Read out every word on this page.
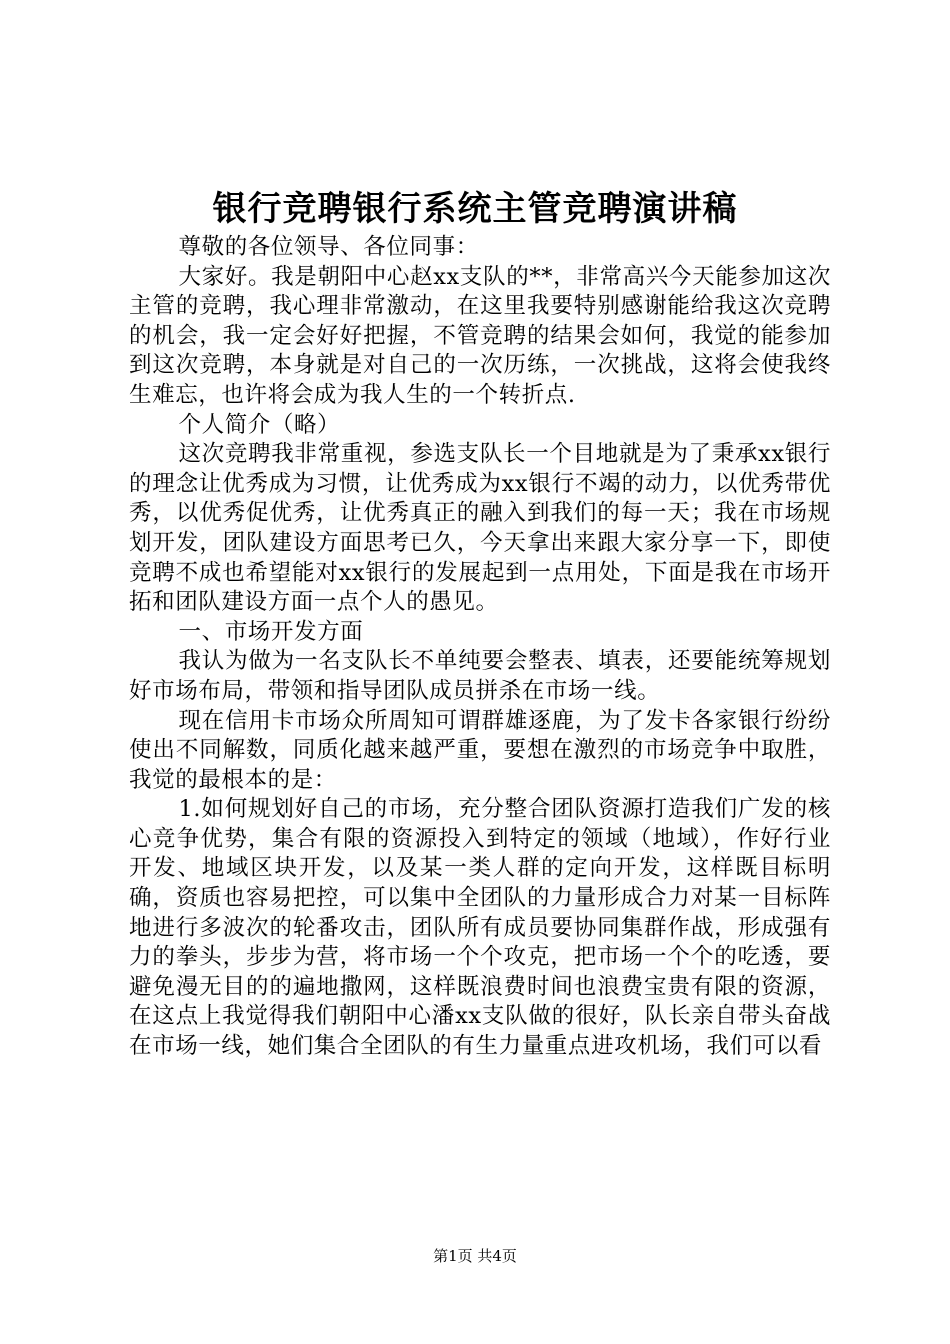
银行竞聘银行系统主管竞聘演讲稿

尊敬的各位领导、各位同事：

大家好。我是朝阳中心赵xx支队的**，非常高兴今天能参加这次主管的竞聘，我心理非常激动，在这里我要特别感谢能给我这次竞聘的机会，我一定会好好把握，不管竞聘的结果会如何，我觉的能参加到这次竞聘，本身就是对自己的一次历练，一次挑战，这将会使我终生难忘，也许将会成为我人生的一个转折点.

个人简介（略）

这次竞聘我非常重视，参选支队长一个目地就是为了秉承xx银行的理念让优秀成为习惯，让优秀成为xx银行不竭的动力，以优秀带优秀，以优秀促优秀，让优秀真正的融入到我们的每一天；我在市场规划开发，团队建设方面思考已久，今天拿出来跟大家分享一下，即使竞聘不成也希望能对xx银行的发展起到一点用处，下面是我在市场开拓和团队建设方面一点个人的愚见。

一、市场开发方面

我认为做为一名支队长不单纯要会整表、填表，还要能统筹规划好市场布局，带领和指导团队成员拼杀在市场一线。

现在信用卡市场众所周知可谓群雄逐鹿，为了发卡各家银行纷纷使出不同解数，同质化越来越严重，要想在激烈的市场竞争中取胜，我觉的最根本的是：

1.如何规划好自己的市场，充分整合团队资源打造我们广发的核心竞争优势，集合有限的资源投入到特定的领域（地域），作好行业开发、地域区块开发，以及某一类人群的定向开发，这样既目标明确，资质也容易把控，可以集中全团队的力量形成合力对某一目标阵地进行多波次的轮番攻击，团队所有成员要协同集群作战，形成强有力的拳头，步步为营，将市场一个个攻克，把市场一个个的吃透，要避免漫无目的的遍地撒网，这样既浪费时间也浪费宝贵有限的资源，在这点上我觉得我们朝阳中心潘xx支队做的很好，队长亲自带头奋战在市场一线，她们集合全团队的有生力量重点进攻机场，我们可以看

第1页 共4页
